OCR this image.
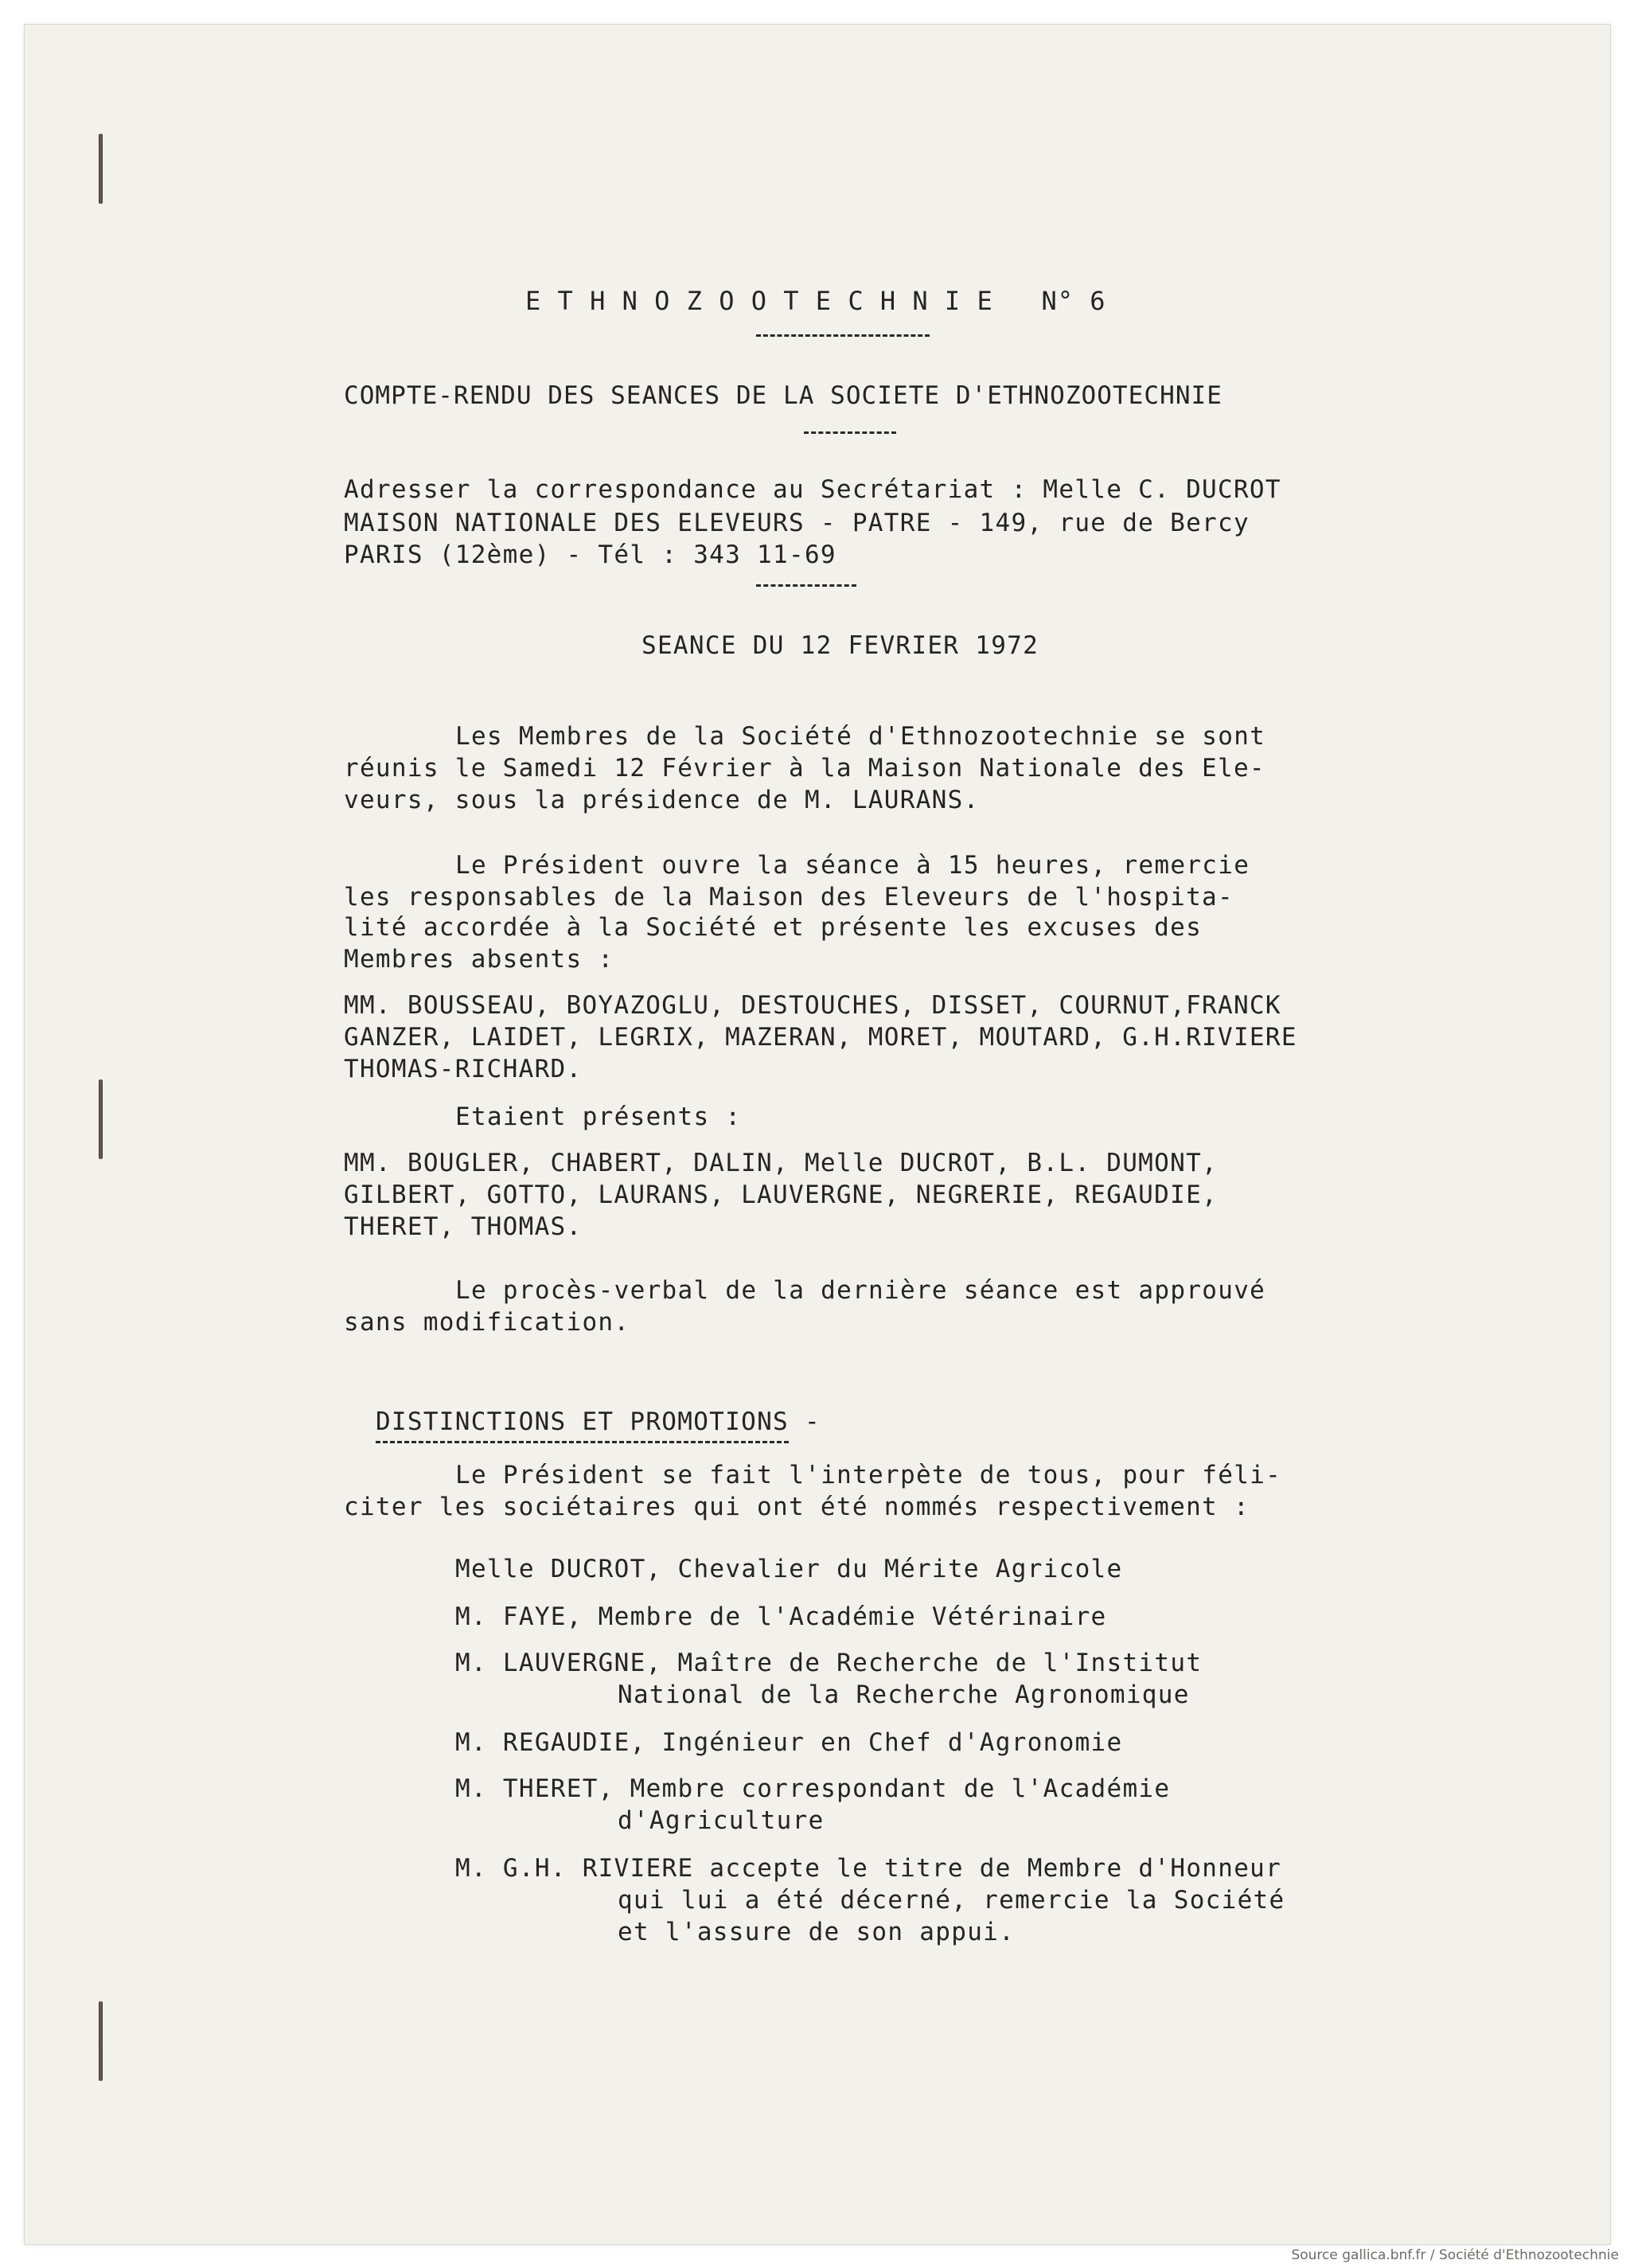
E T H N O Z O O T E C H N I E   N° 6
COMPTE-RENDU DES SEANCES DE LA SOCIETE D'ETHNOZOOTECHNIE
Adresser la correspondance au Secrétariat : Melle C. DUCROT
MAISON NATIONALE DES ELEVEURS - PATRE - 149, rue de Bercy
PARIS (12ème) - Tél : 343 11-69
SEANCE DU 12 FEVRIER 1972
Les Membres de la Société d'Ethnozootechnie se sont
réunis le Samedi 12 Février à la Maison Nationale des Ele-
veurs, sous la présidence de M. LAURANS.
Le Président ouvre la séance à 15 heures, remercie
les responsables de la Maison des Eleveurs de l'hospita-
lité accordée à la Société et présente les excuses des
Membres absents :
MM. BOUSSEAU, BOYAZOGLU, DESTOUCHES, DISSET, COURNUT,FRANCK
GANZER, LAIDET, LEGRIX, MAZERAN, MORET, MOUTARD, G.H.RIVIERE
THOMAS-RICHARD.
Etaient présents :
MM. BOUGLER, CHABERT, DALIN, Melle DUCROT, B.L. DUMONT,
GILBERT, GOTTO, LAURANS, LAUVERGNE, NEGRERIE, REGAUDIE,
THERET, THOMAS.
Le procès-verbal de la dernière séance est approuvé
sans modification.

DISTINCTIONS ET PROMOTIONS -

Le Président se fait l'interpète de tous, pour féli-
citer les sociétaires qui ont été nommés respectivement :
Melle DUCROT, Chevalier du Mérite Agricole
M. FAYE, Membre de l'Académie Vétérinaire
M. LAUVERGNE, Maître de Recherche de l'Institut
National de la Recherche Agronomique
M. REGAUDIE, Ingénieur en Chef d'Agronomie
M. THERET, Membre correspondant de l'Académie
d'Agriculture
M. G.H. RIVIERE accepte le titre de Membre d'Honneur
qui lui a été décerné, remercie la Société
et l'assure de son appui.
Source gallica.bnf.fr / Société d'Ethnozootechnie
